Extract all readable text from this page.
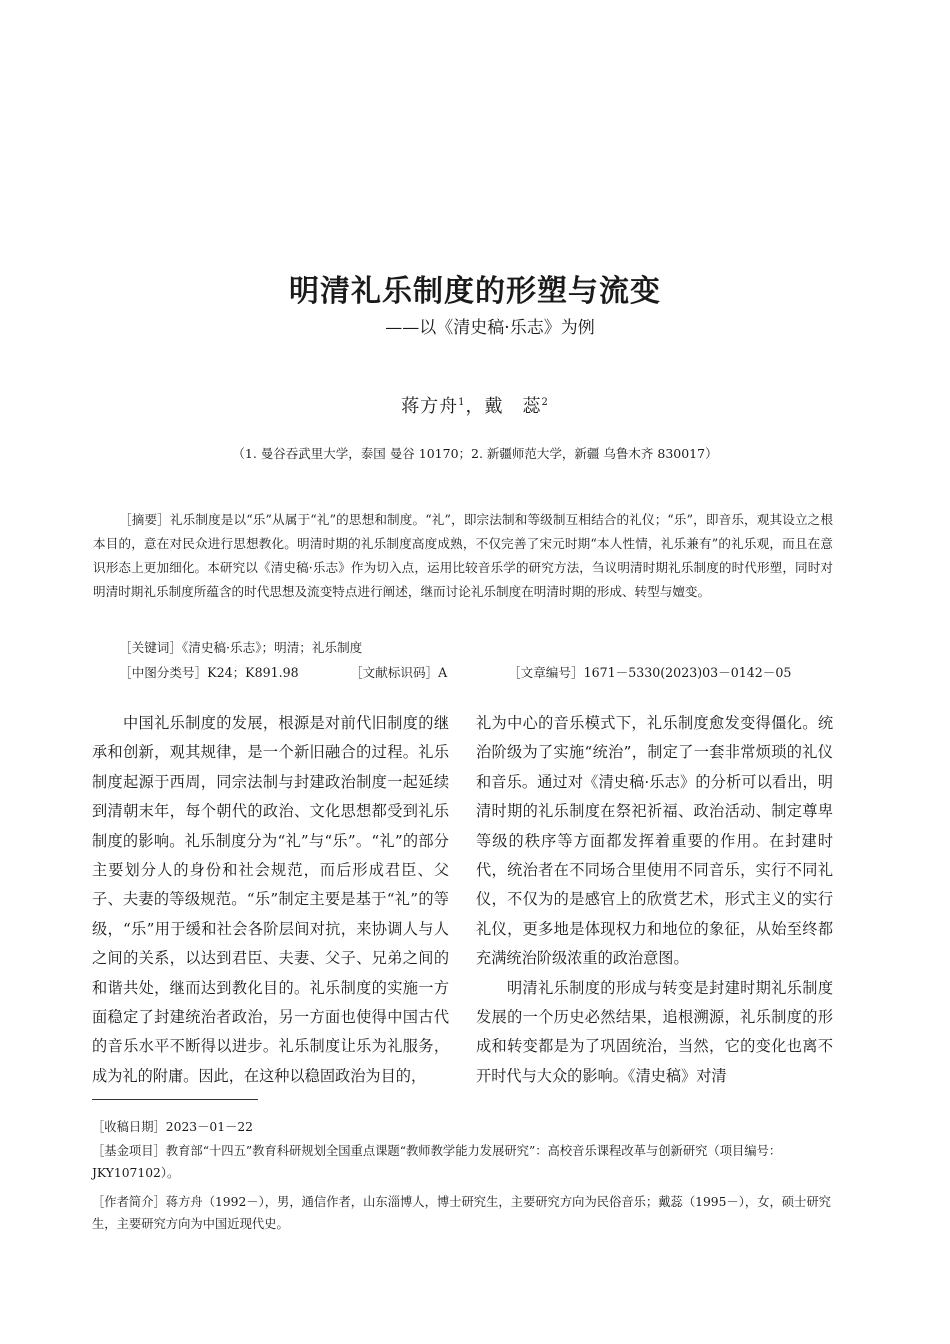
明清礼乐制度的形塑与流变
——以《清史稿·乐志》为例
蒋方舟$^1$，戴　蕊$^2$
（1. 曼谷吞武里大学，泰国 曼谷 10170；2. 新疆师范大学，新疆 乌鲁木齐 830017）
［摘要］礼乐制度是以“乐”从属于“礼”的思想和制度。“礼”，即宗法制和等级制互相结合的礼仪；“乐”，即音乐，观其设立之根本目的，意在对民众进行思想教化。明清时期的礼乐制度高度成熟，不仅完善了宋元时期“本人性情，礼乐兼有”的礼乐观，而且在意识形态上更加细化。本研究以《清史稿·乐志》作为切入点，运用比较音乐学的研究方法，刍议明清时期礼乐制度的时代形塑，同时对明清时期礼乐制度所蕴含的时代思想及流变特点进行阐述，继而讨论礼乐制度在明清时期的形成、转型与嬗变。
［关键词］《清史稿·乐志》；明清；礼乐制度
［中图分类号］K24；K891.98	［文献标识码］A	［文章编号］1671－5330(2023)03－0142－05

中国礼乐制度的发展，根源是对前代旧制度的继承和创新，观其规律，是一个新旧融合的过程。礼乐制度起源于西周，同宗法制与封建政治制度一起延续到清朝末年，每个朝代的政治、文化思想都受到礼乐制度的影响。礼乐制度分为“礼”与“乐”。“礼”的部分主要划分人的身份和社会规范，而后形成君臣、父子、夫妻的等级规范。“乐”制定主要是基于“礼”的等级，“乐”用于缓和社会各阶层间对抗，来协调人与人之间的关系，以达到君臣、夫妻、父子、兄弟之间的和谐共处，继而达到教化目的。礼乐制度的实施一方面稳定了封建统治者政治，另一方面也使得中国古代的音乐水平不断得以进步。礼乐制度让乐为礼服务，成为礼的附庸。因此，在这种以稳固政治为目的，

礼为中心的音乐模式下，礼乐制度愈发变得僵化。统治阶级为了实施“统治”，制定了一套非常烦琐的礼仪和音乐。通过对《清史稿·乐志》的分析可以看出，明清时期的礼乐制度在祭祀祈福、政治活动、制定尊卑等级的秩序等方面都发挥着重要的作用。在封建时代，统治者在不同场合里使用不同音乐，实行不同礼仪，不仅为的是感官上的欣赏艺术，形式主义的实行礼仪，更多地是体现权力和地位的象征，从始至终都充满统治阶级浓重的政治意图。

明清礼乐制度的形成与转变是封建时期礼乐制度发展的一个历史必然结果，追根溯源，礼乐制度的形成和转变都是为了巩固统治，当然，它的变化也离不开时代与大众的影响。《清史稿》对清

［收稿日期］2023－01－22
［基金项目］教育部“十四五”教育科研规划全国重点课题“教师教学能力发展研究”：高校音乐课程改革与创新研究（项目编号：JKY107102）。
［作者简介］蒋方舟（1992－），男，通信作者，山东淄博人，博士研究生，主要研究方向为民俗音乐；戴蕊（1995－），女，硕士研究生，主要研究方向为中国近现代史。
